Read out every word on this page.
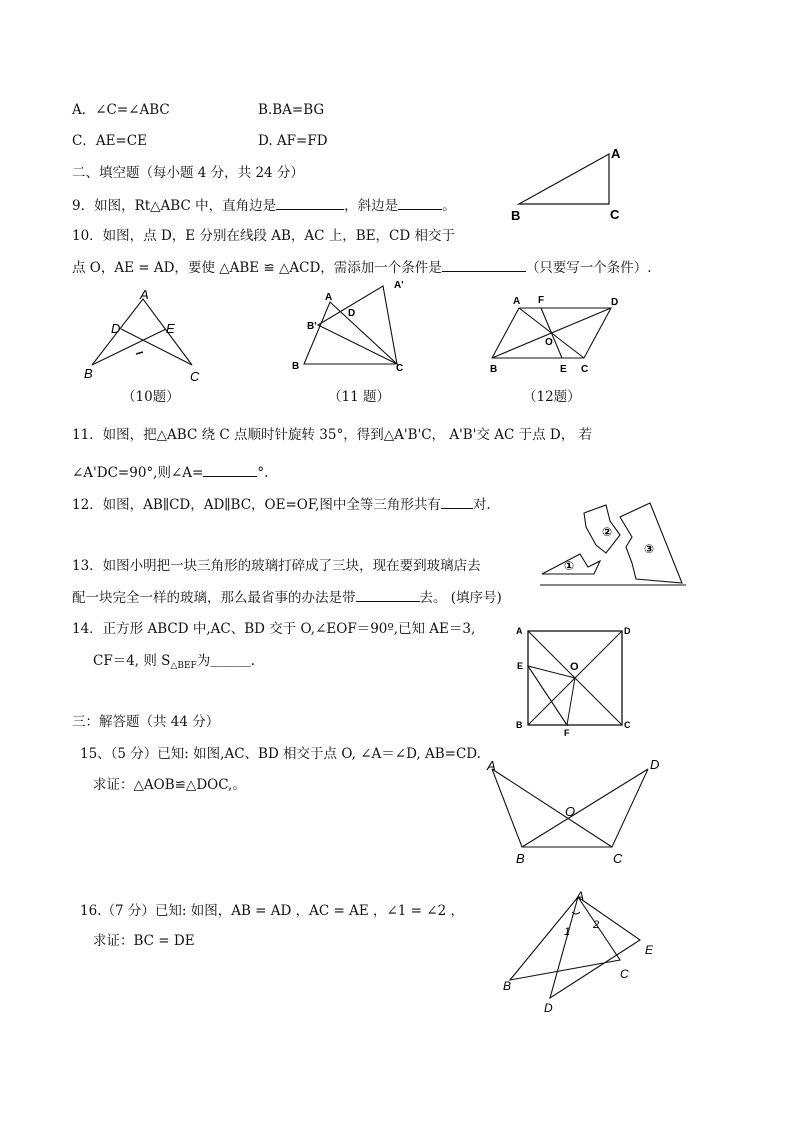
A．∠C=∠ABC	B.BA=BG
C．AE=CE	D. AF=FD
二、填空题（每小题 4 分，共 24 分）
9．如图，Rt△ABC 中，直角边是	，斜边是	。
A
B	C
10．如图，点 D，E 分别在线段 AB，AC 上，BE，CD 相交于
点 O，AE = AD，要使 △ABE ≌ △ACD，需添加一个条件是	（只要写一个条件）.
A
D	E
B	C
A
A'
B'
D
B	C
A F	D
O
B	E C
（10题）	（11 题）	（12题）
11．如图，把△ABC 绕 C 点顺时针旋转 35°，得到△A'B'C， A'B'交 AC 于点 D， 若
∠A'DC=90°,则∠A=	°.
12．如图，AB∥CD，AD∥BC，OE=OF,图中全等三角形共有 对.
13．如图小明把一块三角形的玻璃打碎成了三块，现在要到玻璃店去
配一块完全一样的玻璃，那么最省事的办法是带	去。 (填序号)
①
②
③
14．正方形 ABCD 中,AC、BD 交于 O,∠EOF＝90º,已知 AE＝3,
CF＝4, 则 $S_{\triangle BEF}$为＿＿＿.
A	D
E	O
B
F
C
三：解答题（共 44 分）
15、（5 分）已知: 如图,AC、BD 相交于点 O, ∠A＝∠D, AB=CD.
求证：△AOB≌△DOC,。
A	D
O
B	C
16.（7 分）已知: 如图，AB = AD ，AC = AE ，∠1 = ∠2 ，
求证：BC = DE
A
1
2
E
B
C
D
